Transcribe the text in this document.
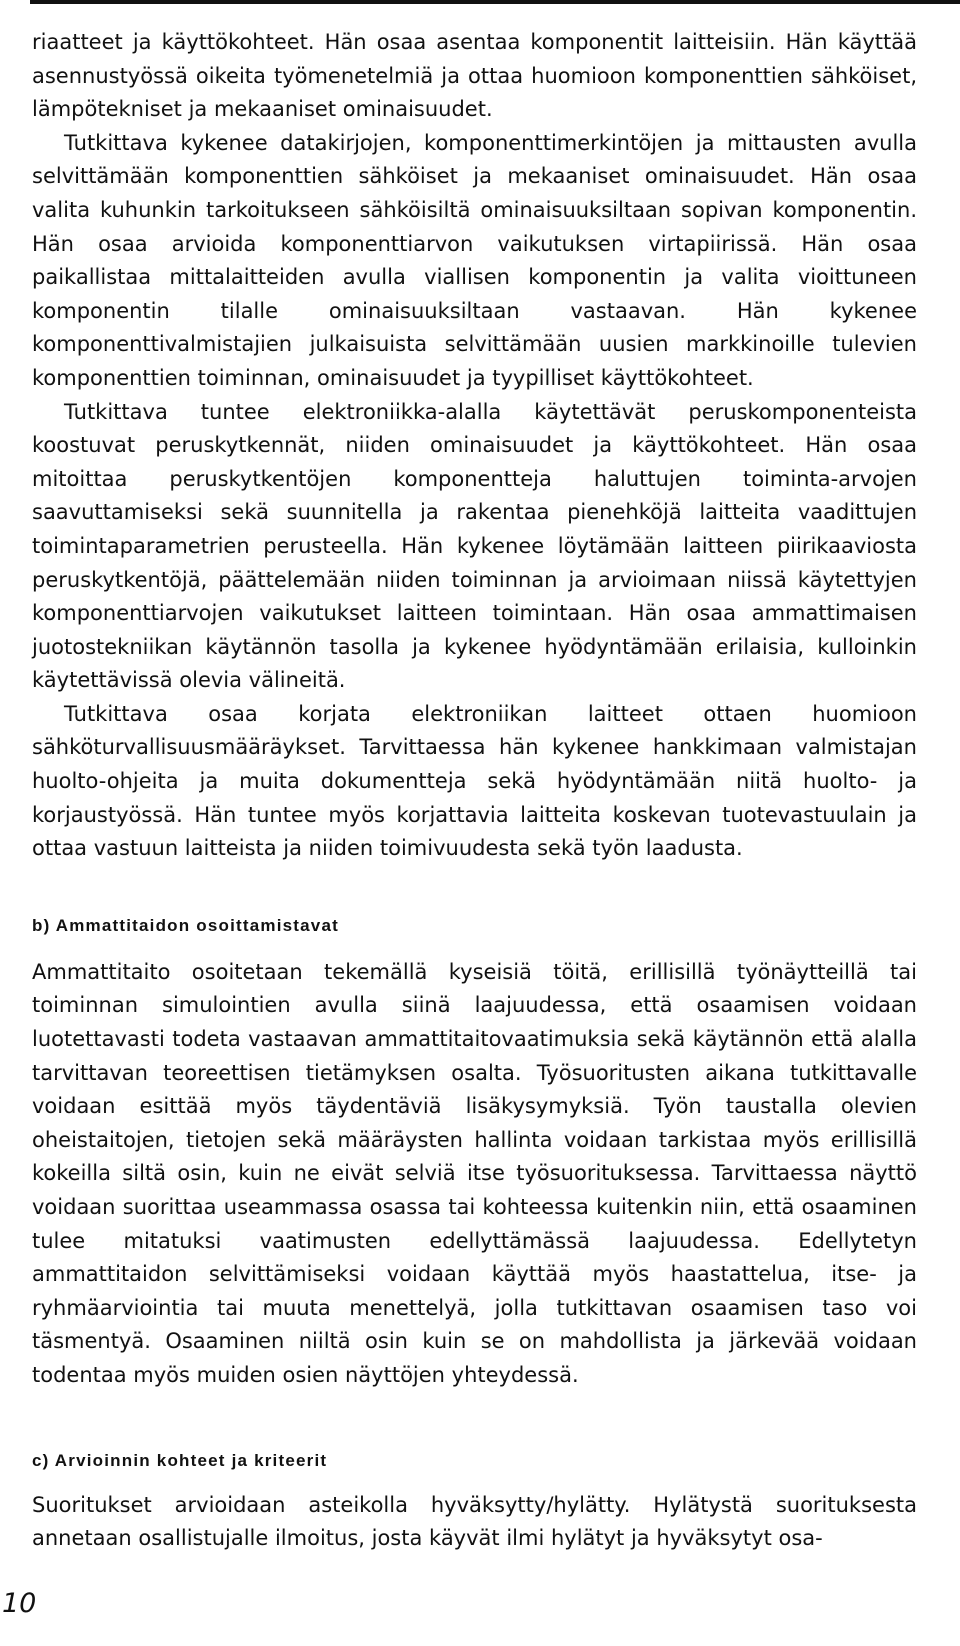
riaatteet ja käyttökohteet. Hän osaa asentaa komponentit laitteisiin. Hän käyttää asennustyössä oikeita työmenetelmiä ja ottaa huomioon komponenttien sähköiset, lämpötekniset ja mekaaniset ominaisuudet.

Tutkittava kykenee datakirjojen, komponenttimerkintöjen ja mittausten avulla selvittämään komponenttien sähköiset ja mekaaniset ominaisuudet. Hän osaa valita kuhunkin tarkoitukseen sähköisiltä ominaisuuksiltaan sopivan komponentin. Hän osaa arvioida komponenttiarvon vaikutuksen virtapiirissä. Hän osaa paikallistaa mittalaitteiden avulla viallisen komponentin ja valita vioittuneen komponentin tilalle ominaisuuksiltaan vastaavan. Hän kykenee komponenttivalmistajien julkaisuista selvittämään uusien markkinoille tulevien komponenttien toiminnan, ominaisuudet ja tyypilliset käyttökohteet.

Tutkittava tuntee elektroniikka-alalla käytettävät peruskomponenteista koostuvat peruskytkennät, niiden ominaisuudet ja käyttökohteet. Hän osaa mitoittaa peruskytkentöjen komponentteja haluttujen toiminta-arvojen saavuttamiseksi sekä suunnitella ja rakentaa pienehköjä laitteita vaadittujen toimintaparametrien perusteella. Hän kykenee löytämään laitteen piirikaaviosta peruskytkentöjä, päättelemään niiden toiminnan ja arvioimaan niissä käytettyjen komponenttiarvojen vaikutukset laitteen toimintaan. Hän osaa ammattimaisen juotostekniikan käytännön tasolla ja kykenee hyödyntämään erilaisia, kulloinkin käytettävissä olevia välineitä.

Tutkittava osaa korjata elektroniikan laitteet ottaen huomioon sähköturvallisuusmääräykset. Tarvittaessa hän kykenee hankkimaan valmistajan huolto-ohjeita ja muita dokumentteja sekä hyödyntämään niitä huolto- ja korjaustyössä. Hän tuntee myös korjattavia laitteita koskevan tuotevastuulain ja ottaa vastuun laitteista ja niiden toimivuudesta sekä työn laadusta.

b) Ammattitaidon osoittamistavat

Ammattitaito osoitetaan tekemällä kyseisiä töitä, erillisillä työnäytteillä tai toiminnan simulointien avulla siinä laajuudessa, että osaamisen voidaan luotettavasti todeta vastaavan ammattitaitovaatimuksia sekä käytännön että alalla tarvittavan teoreettisen tietämyksen osalta. Työsuoritusten aikana tutkittavalle voidaan esittää myös täydentäviä lisäkysymyksiä. Työn taustalla olevien oheistaitojen, tietojen sekä määräysten hallinta voidaan tarkistaa myös erillisillä kokeilla siltä osin, kuin ne eivät selviä itse työsuorituksessa. Tarvittaessa näyttö voidaan suorittaa useammassa osassa tai kohteessa kuitenkin niin, että osaaminen tulee mitatuksi vaatimusten edellyttämässä laajuudessa. Edellytetyn ammattitaidon selvittämiseksi voidaan käyttää myös haastattelua, itse- ja ryhmäarviointia tai muuta menettelyä, jolla tutkittavan osaamisen taso voi täsmentyä. Osaaminen niiltä osin kuin se on mahdollista ja järkevää voidaan todentaa myös muiden osien näyttöjen yhteydessä.

c) Arvioinnin kohteet ja kriteerit

Suoritukset arvioidaan asteikolla hyväksytty/hylätty. Hylätystä suorituksesta annetaan osallistujalle ilmoitus, josta käyvät ilmi hylätyt ja hyväksytyt osa-

10
